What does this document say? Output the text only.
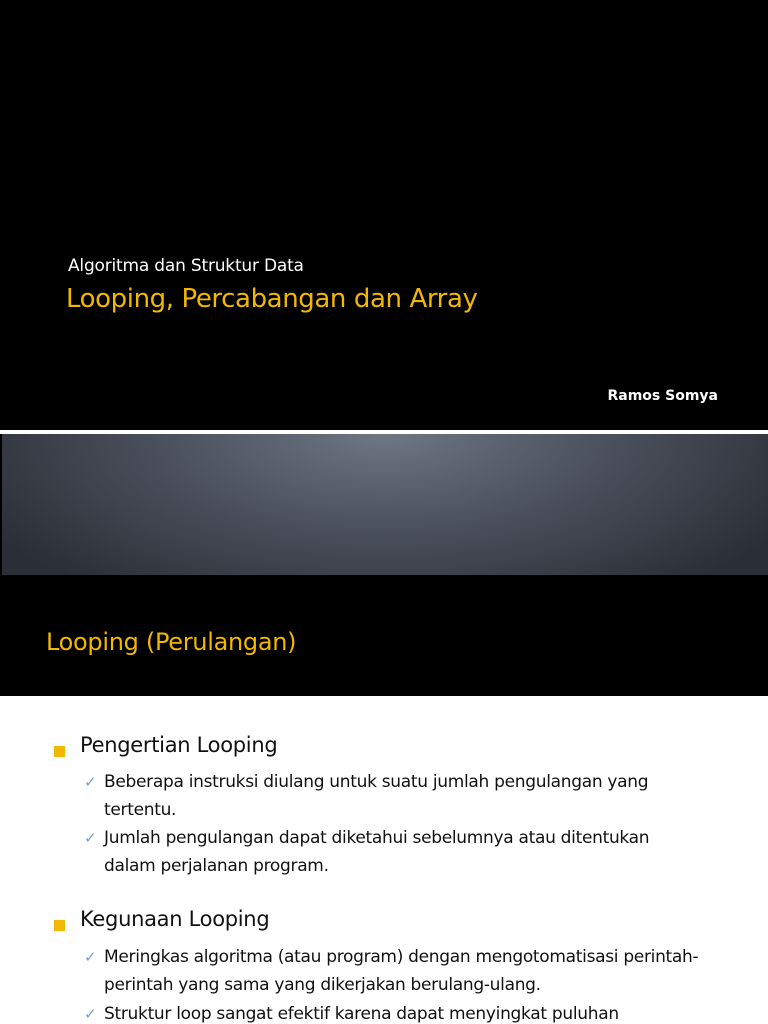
Algoritma dan Struktur Data
Looping, Percabangan dan Array
Ramos Somya
Looping (Perulangan)
Pengertian Looping
✓ Beberapa instruksi diulang untuk suatu jumlah pengulangan yang tertentu.
✓ Jumlah pengulangan dapat diketahui sebelumnya atau ditentukan dalam perjalanan program.
Kegunaan Looping
✓ Meringkas algoritma (atau program) dengan mengotomatisasi perintah-perintah yang sama yang dikerjakan berulang-ulang.
✓ Struktur loop sangat efektif karena dapat menyingkat puluhan
